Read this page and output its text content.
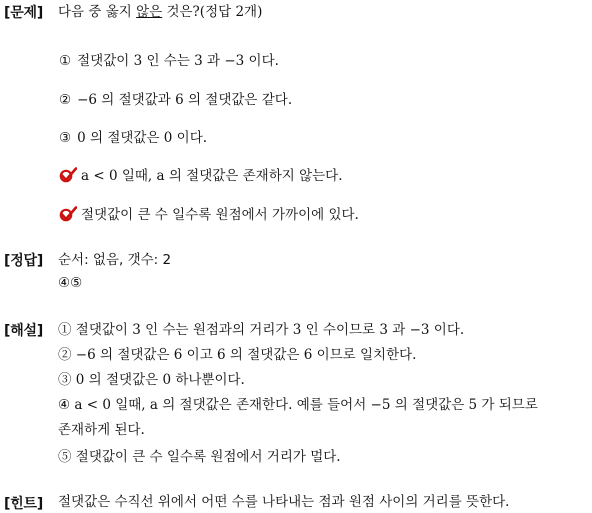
[문제] 다음 중 옳지 않은 것은?(정답 2개)
① 절댓값이 3 인 수는 3 과 −3 이다.
② −6 의 절댓값과 6 의 절댓값은 같다.
③ 0 의 절댓값은 0 이다.
a < 0 일때, a 의 절댓값은 존재하지 않는다.
절댓값이 큰 수 일수록 원점에서 가까이에 있다.
[정답] 순서: 없음, 갯수: 2
④⑤
[해설] ① 절댓값이 3 인 수는 원점과의 거리가 3 인 수이므로 3 과 −3 이다.
② −6 의 절댓값은 6 이고 6 의 절댓값은 6 이므로 일치한다.
③ 0 의 절댓값은 0 하나뿐이다.
④ a < 0 일때, a 의 절댓값은 존재한다. 예를 들어서 −5 의 절댓값은 5 가 되므로
존재하게 된다.
⑤ 절댓값이 큰 수 일수록 원점에서 거리가 멀다.
[힌트] 절댓값은 수직선 위에서 어떤 수를 나타내는 점과 원점 사이의 거리를 뜻한다.
